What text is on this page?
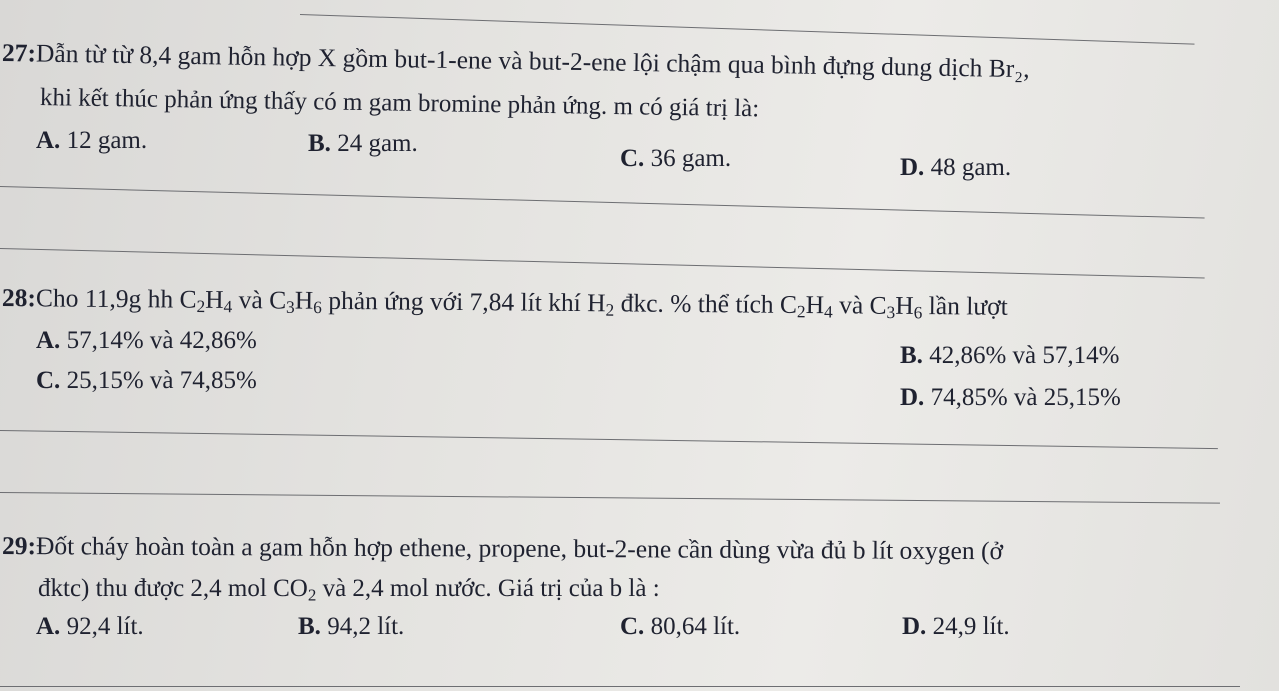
27:Dẫn từ từ 8,4 gam hỗn hợp X gồm but-1-ene và but-2-ene lội chậm qua bình đựng dung dịch Br₂,
khi kết thúc phản ứng thấy có m gam bromine phản ứng. m có giá trị là:
A. 12 gam.	B. 24 gam.
C. 36 gam.	D. 48 gam.
28:Cho 11,9g hh $C_2H_4$ và $C_3H_6$ phản ứng với 7,84 lít khí $H_2$ đkc. % thể tích $C_2H_4$ và $C_3H_6$ lần lượt
A. 57,14% và 42,86%
B. 42,86% và 57,14%
C. 25,15% và 74,85%
D. 74,85% và 25,15%
29:Đốt cháy hoàn toàn a gam hỗn hợp ethene, propene, but-2-ene cần dùng vừa đủ b lít oxygen (ở
đktc) thu được 2,4 mol $CO_2$ và 2,4 mol nước. Giá trị của b là :
A. 92,4 lít.	B. 94,2 lít.	C. 80,64 lít.	D. 24,9 lít.
